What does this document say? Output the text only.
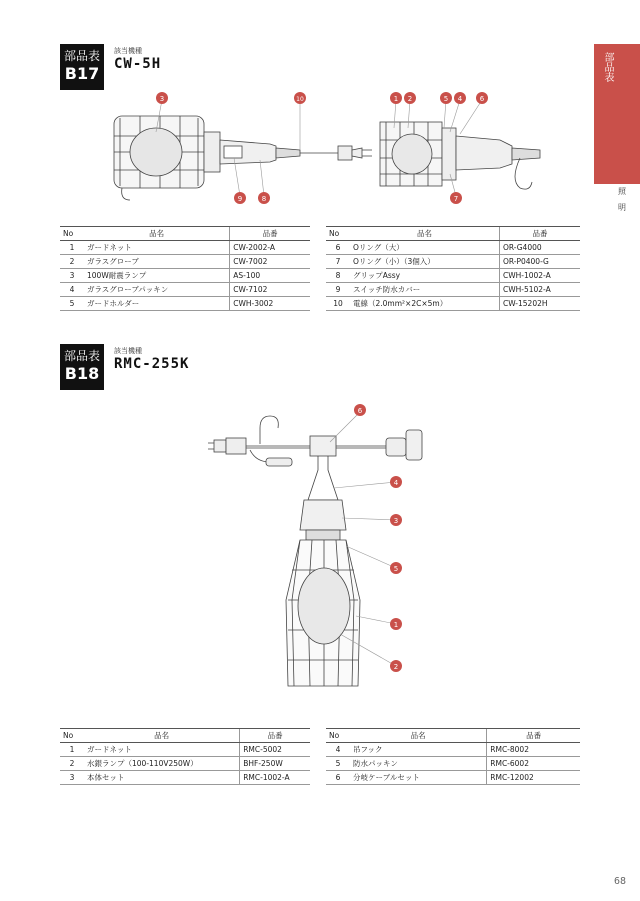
部品表
照
明
部品表
B17
該当機種
CW-5H
3	10	1 2	5 4	6
9	8	7
No	品名	品番
1	ガードネット	CW-2002-A
2	ガラスグローブ	CW-7002
3	100W耐震ランプ	AS-100
4	ガラスグローブパッキン	CW-7102
5	ガードホルダー	CWH-3002
No	品名	品番
6	Oリング（大）	OR-G4000
7	Oリング（小）（3個入）	OR-P0400-G
8	グリップAssy	CWH-1002-A
9	スイッチ防水カバー	CWH-5102-A
10	電線（2.0mm²×2C×5m）	CW-15202H
部品表
B18
該当機種
RMC-255K
6
4
3
5
1
2
No	品名	品番
1	ガードネット	RMC-5002
2	水銀ランプ（100-110V250W）	BHF-250W
3	本体セット	RMC-1002-A
No	品名	品番
4	吊フック	RMC-8002
5	防水パッキン	RMC-6002
6	分岐ケーブルセット	RMC-12002
68
